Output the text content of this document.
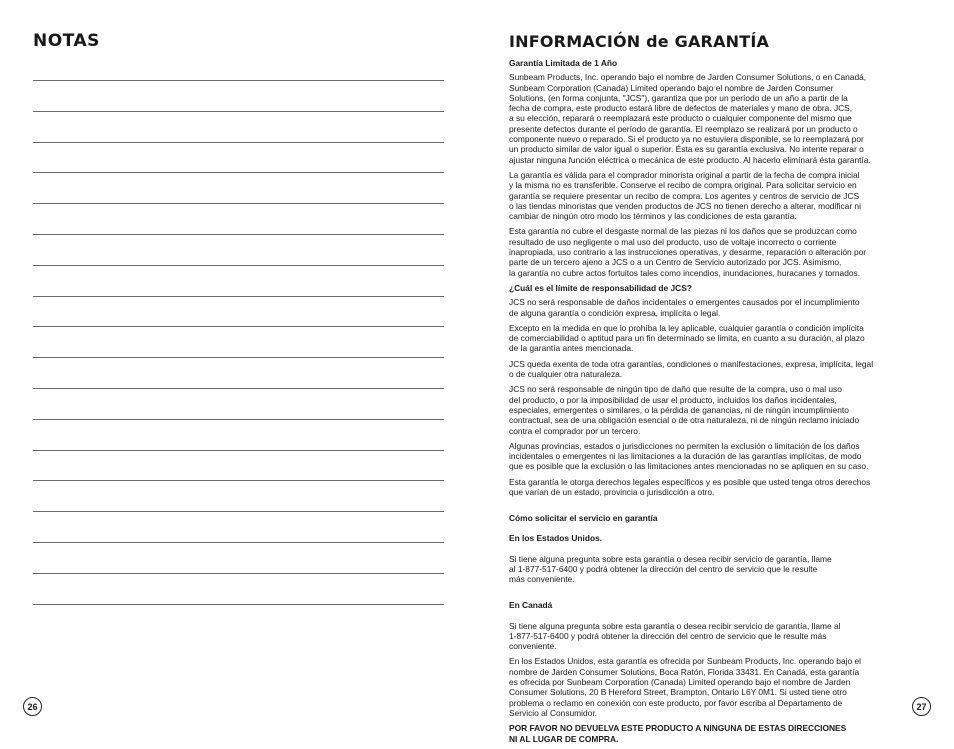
NOTAS
26
INFORMACIÓN de GARANTÍA

Garantía Limitada de 1 Año

Sunbeam Products, Inc. operando bajo el nombre de Jarden Consumer Solutions, o en Canadá,
Sunbeam Corporation (Canada) Limited operando bajo el nombre de Jarden Consumer
Solutions, (en forma conjunta, "JCS"), garantiza que por un período de un año a partir de la
fecha de compra, este producto estará libre de defectos de materiales y mano de obra. JCS,
a su elección, reparará o reemplazará este producto o cualquier componente del mismo que
presente defectos durante el período de garantía. El reemplazo se realizará por un producto o
componente nuevo o reparado. Si el producto ya no estuviera disponible, se lo reemplazará por
un producto similar de valor igual o superior. Ésta es su garantía exclusiva. No intente reparar o
ajustar ninguna función eléctrica o mecánica de este producto. Al hacerlo elimínará ésta garantía.

La garantía es válida para el comprador minorista original a partir de la fecha de compra inicial
y la misma no es transferible. Conserve el recibo de compra original. Para solicitar servicio en
garantía se requiere presentar un recibo de compra. Los agentes y centros de servicio de JCS
o las tiendas minoristas que venden productos de JCS no tienen derecho a alterar, modificar ni
cambiar de ningún otro modo los términos y las condiciones de esta garantía.

Esta garantía no cubre el desgaste normal de las piezas ni los daños que se produzcan como
resultado de uso negligente o mal uso del producto, uso de voltaje incorrecto o corriente
inapropiada, uso contrario a las instrucciones operativas, y desarme, reparación o alteración por
parte de un tercero ajeno a JCS o a un Centro de Servicio autorizado por JCS. Asimismo,
la garantía no cubre actos fortuitos tales como incendios, inundaciones, huracanes y tornados.

¿Cuál es el límite de responsabilidad de JCS?

JCS no será responsable de daños incidentales o emergentes causados por el incumplimiento
de alguna garantía o condición expresa, implícita o legal.

Excepto en la medida en que lo prohíba la ley aplicable, cualquier garantía o condición implícita
de comerciabilidad o aptitud para un fin determinado se limita, en cuanto a su duración, al plazo
de la garantía antes mencionada.

JCS queda exenta de toda otra garantías, condiciones o manifestaciones, expresa, implícita, legal
o de cualquier otra naturaleza.

JCS no será responsable de ningún tipo de daño que resulte de la compra, uso o mal uso
del producto, o por la imposibilidad de usar el producto, incluidos los daños incidentales,
especiales, emergentes o similares, o la pérdida de ganancias, ni de ningún incumplimiento
contractual, sea de una obligación esencial o de otra naturaleza, ni de ningún reclamo iniciado
contra el comprador por un tercero.

Algunas provincias, estados o jurisdicciones no permiten la exclusión o limitación de los daños
incidentales o emergentes ni las limitaciones a la duración de las garantías implícitas, de modo
que es posible que la exclusión o las limitaciones antes mencionadas no se apliquen en su caso.

Esta garantía le otorga derechos legales específicos y es posible que usted tenga otros derechos
que varían de un estado, provincia o jurisdicción a otro.

Cómo solicitar el servicio en garantía

En los Estados Unidos.

Si tiene alguna pregunta sobre esta garantía o desea recibir servicio de garantía, llame
al 1-877-517-6400 y podrá obtener la dirección del centro de servicio que le resulte
más conveniente.

En Canadá

Si tiene alguna pregunta sobre esta garantía o desea recibir servicio de garantía, llame al
1-877-517-6400 y podrá obtener la dirección del centro de servicio que le resulte más
conveniente.

En los Estados Unidos, esta garantía es ofrecida por Sunbeam Products, Inc. operando bajo el
nombre de Jarden Consumer Solutions, Boca Ratón, Florida 33431. En Canadá, esta garantía
es ofrecida por Sunbeam Corporation (Canada) Limited operando bajo el nombre de Jarden
Consumer Solutions, 20 B Hereford Street, Brampton, Ontario L6Y 0M1. Si usted tiene otro
problema o reclamo en conexión con este producto, por favor escriba al Departamento de
Servicio al Consumidor.

POR FAVOR NO DEVUELVA ESTE PRODUCTO A NINGUNA DE ESTAS DIRECCIONES
NI AL LUGAR DE COMPRA.

27
